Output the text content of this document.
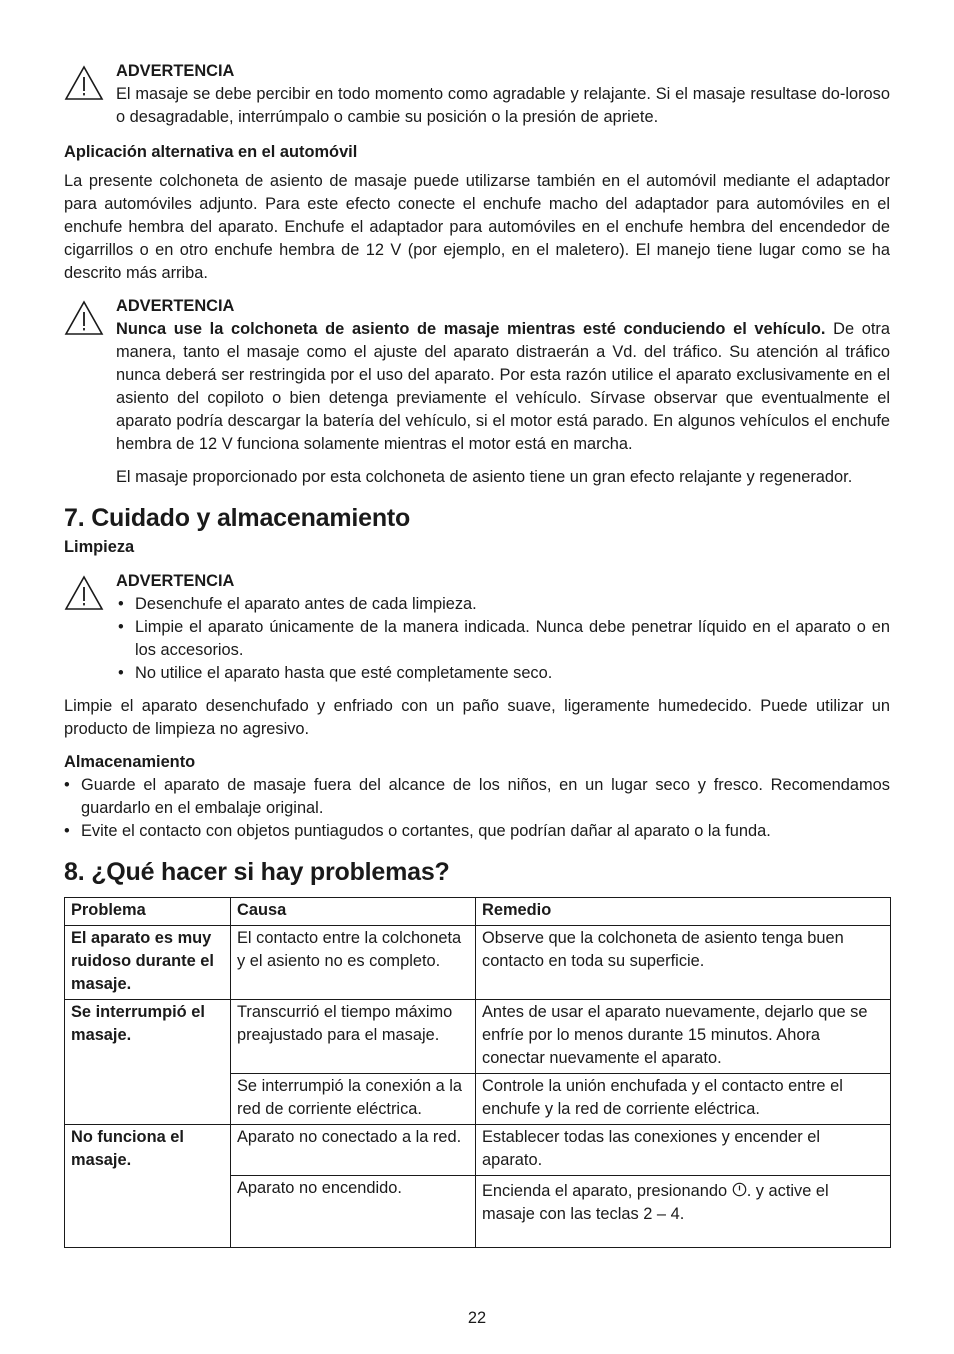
ADVERTENCIA

El masaje se debe percibir en todo momento como agradable y relajante. Si el masaje resultase do-loroso o desagradable, interrúmpalo o cambie su posición o la presión de apriete.

Aplicación alternativa en el automóvil

La presente colchoneta de asiento de masaje puede utilizarse también en el automóvil mediante el adaptador para automóviles adjunto. Para este efecto conecte el enchufe macho del adaptador para automóviles en el enchufe hembra del aparato. Enchufe el adaptador para automóviles en el enchufe hembra del encendedor de cigarrillos o en otro enchufe hembra de 12 V (por ejemplo, en el maletero). El manejo tiene lugar como se ha descrito más arriba.

ADVERTENCIA

Nunca use la colchoneta de asiento de masaje mientras esté conduciendo el vehículo. De otra manera, tanto el masaje como el ajuste del aparato distraerán a Vd. del tráfico. Su atención al tráfico nunca deberá ser restringida por el uso del aparato. Por esta razón utilice el aparato exclusivamente en el asiento del copiloto o bien detenga previamente el vehículo. Sírvase observar que eventualmente el aparato podría descargar la batería del vehículo, si el motor está parado. En algunos vehículos el enchufe hembra de 12 V funciona solamente mientras el motor está en marcha.

El masaje proporcionado por esta colchoneta de asiento tiene un gran efecto relajante y regenerador.

7. Cuidado y almacenamiento

Limpieza

ADVERTENCIA

• Desenchufe el aparato antes de cada limpieza.
• Limpie el aparato únicamente de la manera indicada. Nunca debe penetrar líquido en el aparato o en los accesorios.
• No utilice el aparato hasta que esté completamente seco.

Limpie el aparato desenchufado y enfriado con un paño suave, ligeramente humedecido. Puede utilizar un producto de limpieza no agresivo.

Almacenamiento

• Guarde el aparato de masaje fuera del alcance de los niños, en un lugar seco y fresco. Recomendamos guardarlo en el embalaje original.
• Evite el contacto con objetos puntiagudos o cortantes, que podrían dañar al aparato o la funda.
8. ¿Qué hacer si hay problemas?
Problema	Causa	Remedio
El aparato es muy ruidoso durante el masaje.	El contacto entre la colchoneta y el asiento no es completo.	Observe que la colchoneta de asiento tenga buen contacto en toda su superficie.
Se interrumpió el masaje.	Transcurrió el tiempo máximo preajustado para el masaje.	Antes de usar el aparato nuevamente, dejarlo que se enfríe por lo menos durante 15 minutos. Ahora conectar nuevamente el aparato.
	Se interrumpió la conexión a la red de corriente eléctrica.	Controle la unión enchufada y el contacto entre el enchufe y la red de corriente eléctrica.
No funciona el masaje.	Aparato no conectado a la red.	Establecer todas las conexiones y encender el aparato.
	Aparato no encendido.	Encienda el aparato, presionando . y active el masaje con las teclas 2 – 4.
22
